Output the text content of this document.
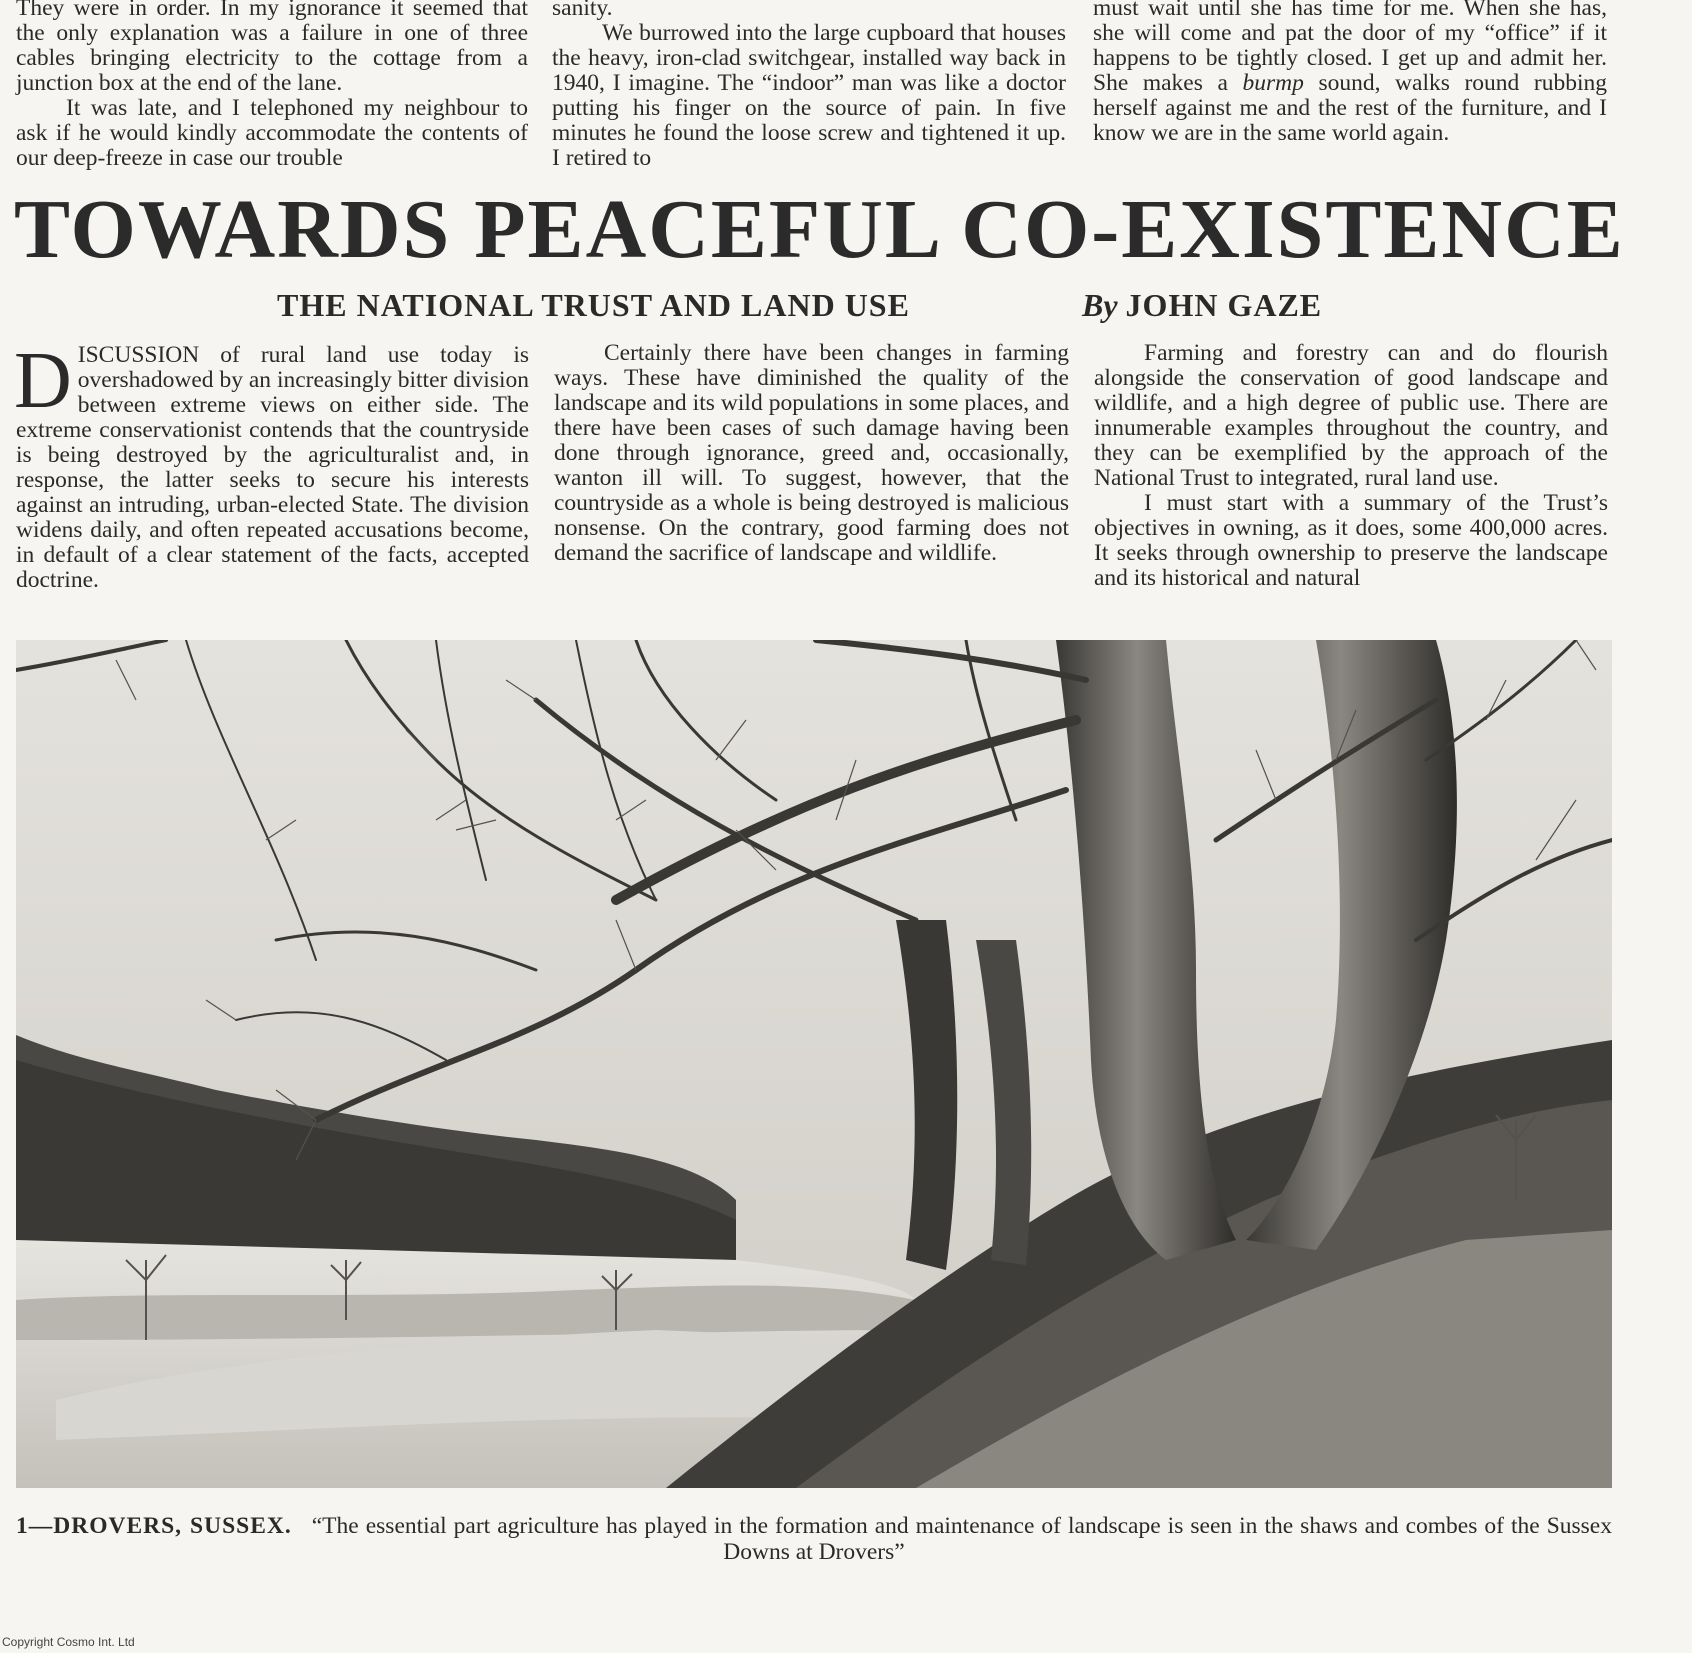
They were in order. In my ignorance it seemed that the only explanation was a failure in one of three cables bringing electricity to the cottage from a junction box at the end of the lane.

It was late, and I telephoned my neighbour to ask if he would kindly accommodate the contents of our deep-freeze in case our trouble

sanity.

We burrowed into the large cupboard that houses the heavy, iron-clad switchgear, installed way back in 1940, I imagine. The “indoor” man was like a doctor putting his finger on the source of pain. In five minutes he found the loose screw and tightened it up. I retired to

must wait until she has time for me. When she has, she will come and pat the door of my “office” if it happens to be tightly closed. I get up and admit her. She makes a burmp sound, walks round rubbing herself against me and the rest of the furniture, and I know we are in the same world again.

TOWARDS PEACEFUL CO-EXISTENCE
THE NATIONAL TRUST AND LAND USE	By JOHN GAZE

DISCUSSION of rural land use today is overshadowed by an increasingly bitter division between extreme views on either side. The extreme conservationist contends that the countryside is being destroyed by the agriculturalist and, in response, the latter seeks to secure his interests against an intruding, urban-elected State. The division widens daily, and often repeated accusations become, in default of a clear statement of the facts, accepted doctrine.

Certainly there have been changes in farming ways. These have diminished the quality of the landscape and its wild populations in some places, and there have been cases of such damage having been done through ignorance, greed and, occasionally, wanton ill will. To suggest, however, that the countryside as a whole is being destroyed is malicious nonsense. On the contrary, good farming does not demand the sacrifice of landscape and wildlife.

Farming and forestry can and do flourish alongside the conservation of good landscape and wildlife, and a high degree of public use. There are innumerable examples throughout the country, and they can be exemplified by the approach of the National Trust to integrated, rural land use.

I must start with a summary of the Trust’s objectives in owning, as it does, some 400,000 acres. It seeks through ownership to preserve the landscape and its historical and natural

1—DROVERS, SUSSEX. “The essential part agriculture has played in the formation and maintenance of landscape is seen in the shaws and combes of the Sussex Downs at Drovers”
Copyright Cosmo Int. Ltd
